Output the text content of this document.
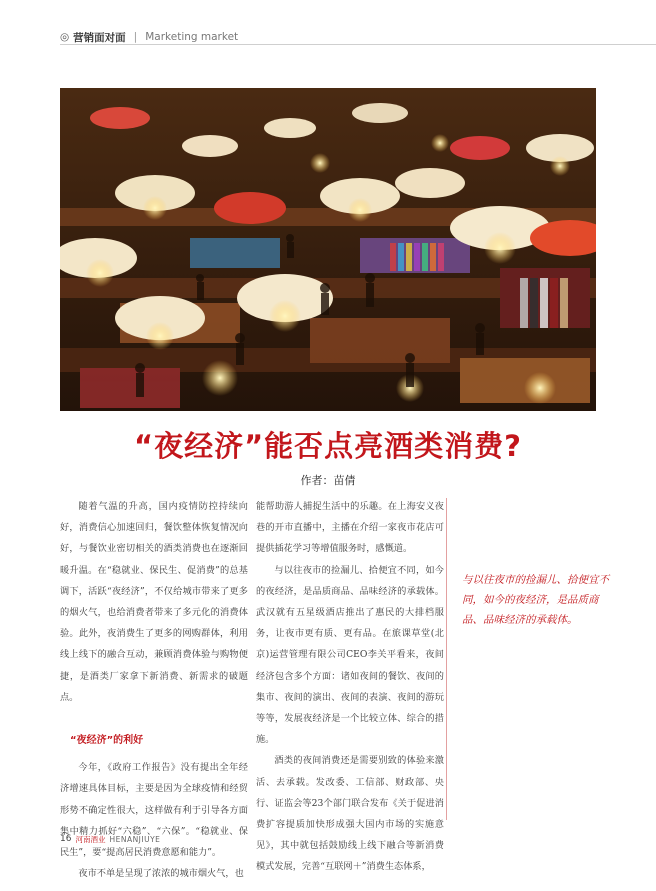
◎ 营销面对面 | Marketing market
“夜经济”能否点亮酒类消费?
作者：苗倩

随着气温的升高，国内疫情防控持续向好，消费信心加速回归，餐饮整体恢复情况向好，与餐饮业密切相关的酒类消费也在逐渐回暖升温。在“稳就业、保民生、促消费”的总基调下，活跃“夜经济”，不仅给城市带来了更多的烟火气，也给消费者带来了多元化的消费体验。此外，夜消费生了更多的网购群体，利用线上线下的融合互动，兼顾消费体验与购物便捷，是酒类厂家拿下新消费、新需求的破题点。

“夜经济”的利好

今年，《政府工作报告》没有提出全年经济增速具体目标，主要是因为全球疫情和经贸形势不确定性很大，这样做有利于引导各方面集中精力抓好“六稳”、“六保”。“稳就业、保民生”，要“提高居民消费意愿和能力”。

夜市不单是呈现了浓浓的城市烟火气，也

能帮助游人捕捉生活中的乐趣。在上海安义夜巷的开市直播中，主播在介绍一家夜市花店可提供插花学习等增值服务时，感慨道。

与以往夜市的捡漏儿、拾便宜不同，如今的夜经济，是品质商品、品味经济的承载体。武汉就有五星级酒店推出了惠民的大排档服务，让夜市更有质、更有品。在旅课草堂(北京)运营管理有限公司CEO李关平看来，夜间经济包含多个方面：诸如夜间的餐饮、夜间的集市、夜间的演出、夜间的表演、夜间的游玩等等，发展夜经济是一个比较立体、综合的措施。

酒类的夜间消费还是需要别致的体验来激活、去承载。发改委、工信部、财政部、央行、证监会等23个部门联合发布《关于促进消费扩容提质加快形成强大国内市场的实施意见》，其中就包括鼓励线上线下融合等新消费模式发展，完善“互联网＋”消费生态体系，

与以往夜市的捡漏儿、拾便宜不同，如今的夜经济，是品质商品、品味经济的承载体。
16 河南酒业 HENANJIUYE
